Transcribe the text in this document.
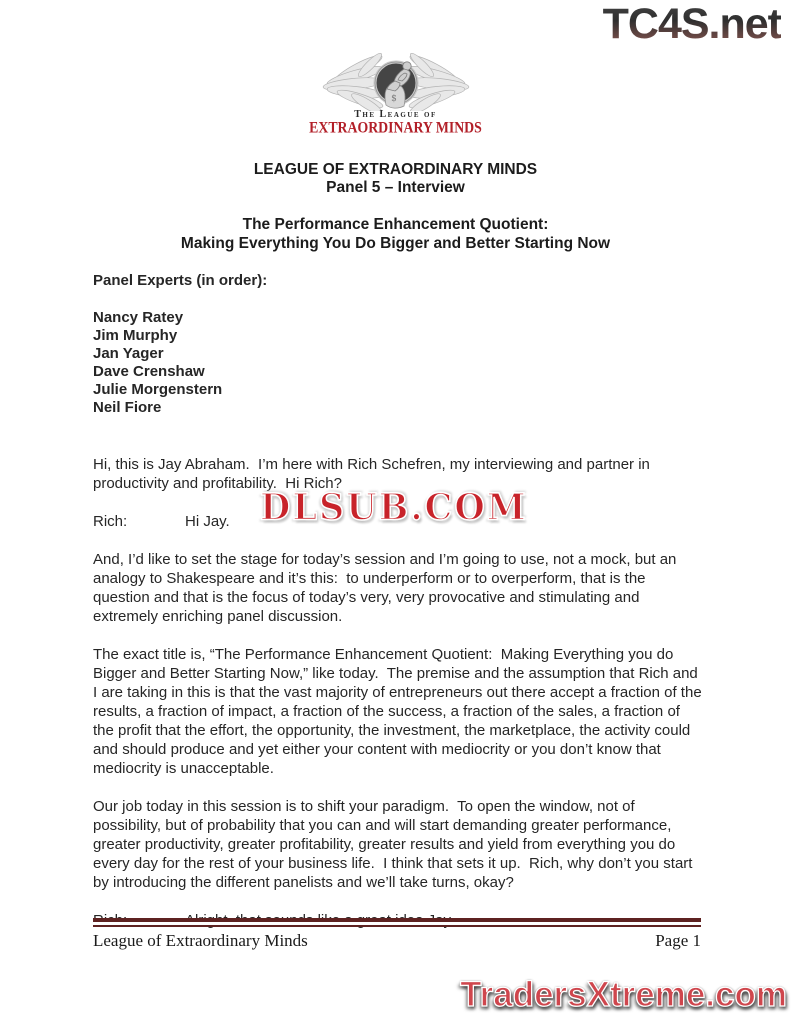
TC4S.net
$
The League of
EXTRAORDINARY MINDS
LEAGUE OF EXTRAORDINARY MINDS
Panel 5 – Interview
The Performance Enhancement Quotient:
Making Everything You Do Bigger and Better Starting Now
Panel Experts (in order):
Nancy Ratey
Jim Murphy
Jan Yager
Dave Crenshaw
Julie Morgenstern
Neil Fiore

Hi, this is Jay Abraham.  I’m here with Rich Schefren, my interviewing and partner in productivity and profitability.  Hi Rich?

Rich:	Hi Jay.

And, I’d like to set the stage for today’s session and I’m going to use, not a mock, but an analogy to Shakespeare and it’s this:  to underperform or to overperform, that is the question and that is the focus of today’s very, very provocative and stimulating and extremely enriching panel discussion.

The exact title is, “The Performance Enhancement Quotient:  Making Everything you do Bigger and Better Starting Now,” like today.  The premise and the assumption that Rich and I are taking in this is that the vast majority of entrepreneurs out there accept a fraction of the results, a fraction of impact, a fraction of the success, a fraction of the sales, a fraction of the profit that the effort, the opportunity, the investment, the marketplace, the activity could and should produce and yet either your content with mediocrity or you don’t know that mediocrity is unacceptable.

Our job today in this session is to shift your paradigm.  To open the window, not of possibility, but of probability that you can and will start demanding greater performance, greater productivity, greater profitability, greater results and yield from everything you do every day for the rest of your business life.  I think that sets it up.  Rich, why don’t you start by introducing the different panelists and we’ll take turns, okay?

DLSUB.COM
League of Extraordinary Minds	Page 1
TradersXtreme.com
